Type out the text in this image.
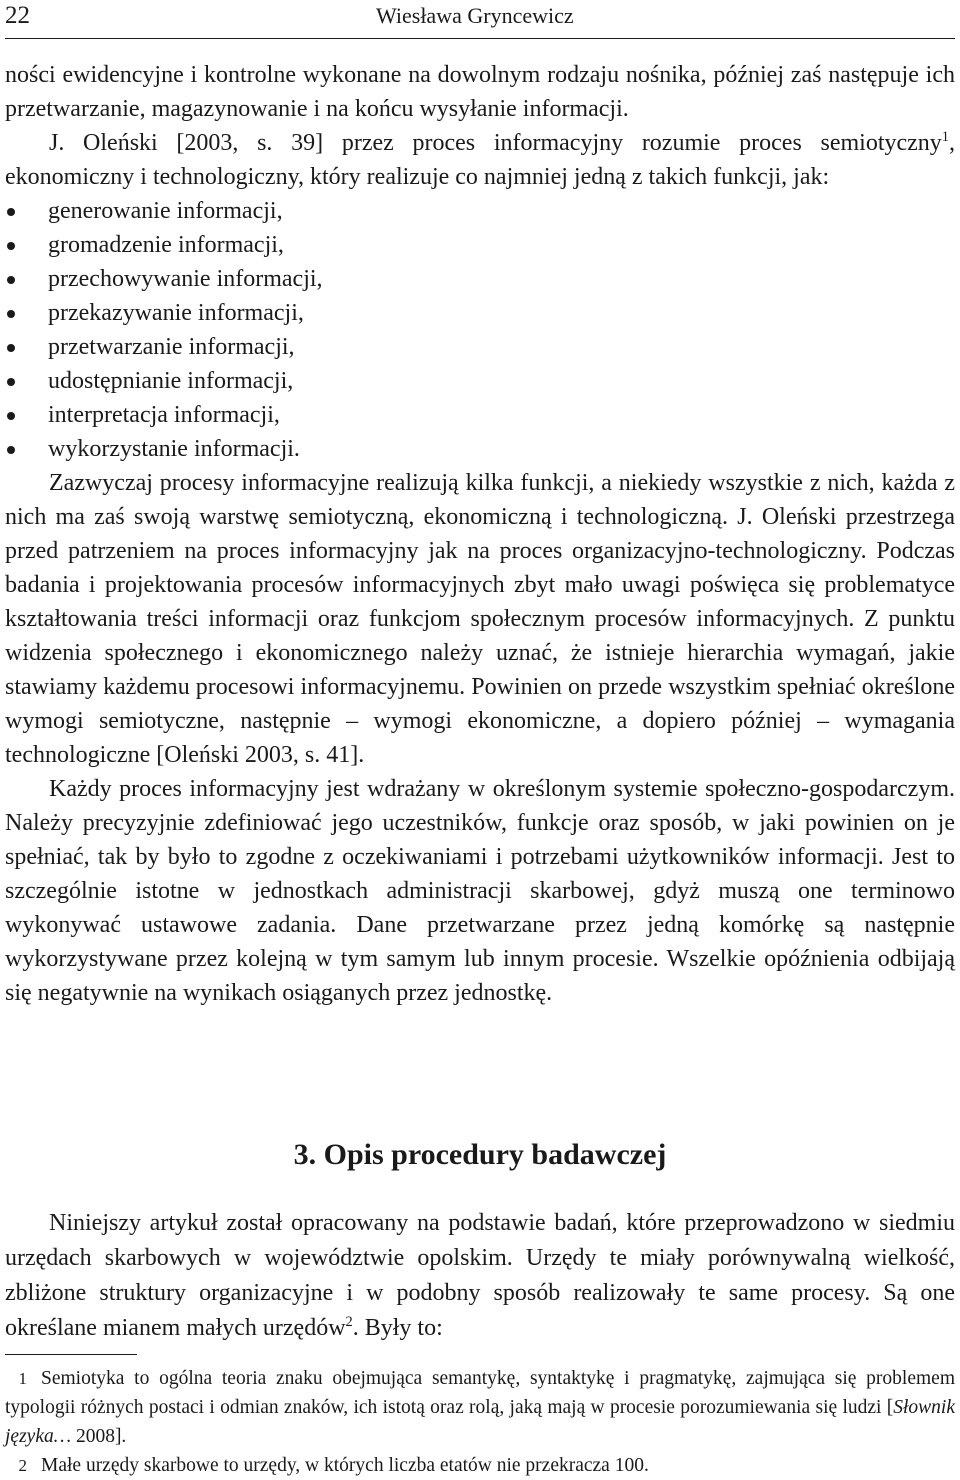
22	Wiesława Gryncewicz

ności ewidencyjne i kontrolne wykonane na dowolnym rodzaju nośnika, później zaś następuje ich przetwarzanie, magazynowanie i na końcu wysyłanie informacji.

J. Oleński [2003, s. 39] przez proces informacyjny rozumie proces semiotyczny$^1$, ekonomiczny i technologiczny, który realizuje co najmniej jedną z takich funkcji, jak:

generowanie informacji,
gromadzenie informacji,
przechowywanie informacji,
przekazywanie informacji,
przetwarzanie informacji,
udostępnianie informacji,
interpretacja informacji,
wykorzystanie informacji.

Zazwyczaj procesy informacyjne realizują kilka funkcji, a niekiedy wszystkie z nich, każda z nich ma zaś swoją warstwę semiotyczną, ekonomiczną i technologiczną. J. Oleński przestrzega przed patrzeniem na proces informacyjny jak na proces organizacyjno-technologiczny. Podczas badania i projektowania procesów informacyjnych zbyt mało uwagi poświęca się problematyce kształtowania treści informacji oraz funkcjom społecznym procesów informacyjnych. Z punktu widzenia społecznego i ekonomicznego należy uznać, że istnieje hierarchia wymagań, jakie stawiamy każdemu procesowi informacyjnemu. Powinien on przede wszystkim spełniać określone wymogi semiotyczne, następnie – wymogi ekonomiczne, a dopiero później – wymagania technologiczne [Oleński 2003, s. 41].

Każdy proces informacyjny jest wdrażany w określonym systemie społeczno-gospodarczym. Należy precyzyjnie zdefiniować jego uczestników, funkcje oraz sposób, w jaki powinien on je spełniać, tak by było to zgodne z oczekiwaniami i potrzebami użytkowników informacji. Jest to szczególnie istotne w jednostkach administracji skarbowej, gdyż muszą one terminowo wykonywać ustawowe zadania. Dane przetwarzane przez jedną komórkę są następnie wykorzystywane przez kolejną w tym samym lub innym procesie. Wszelkie opóźnienia odbijają się negatywnie na wynikach osiąganych przez jednostkę.

3. Opis procedury badawczej

Niniejszy artykuł został opracowany na podstawie badań, które przeprowadzono w siedmiu urzędach skarbowych w województwie opolskim. Urzędy te miały porównywalną wielkość, zbliżone struktury organizacyjne i w podobny sposób realizowały te same procesy. Są one określane mianem małych urzędów$^2$. Były to:

1 Semiotyka to ogólna teoria znaku obejmująca semantykę, syntaktykę i pragmatykę, zajmująca się problemem typologii różnych postaci i odmian znaków, ich istotą oraz rolą, jaką mają w procesie porozumiewania się ludzi [Słownik języka… 2008].

2 Małe urzędy skarbowe to urzędy, w których liczba etatów nie przekracza 100.
